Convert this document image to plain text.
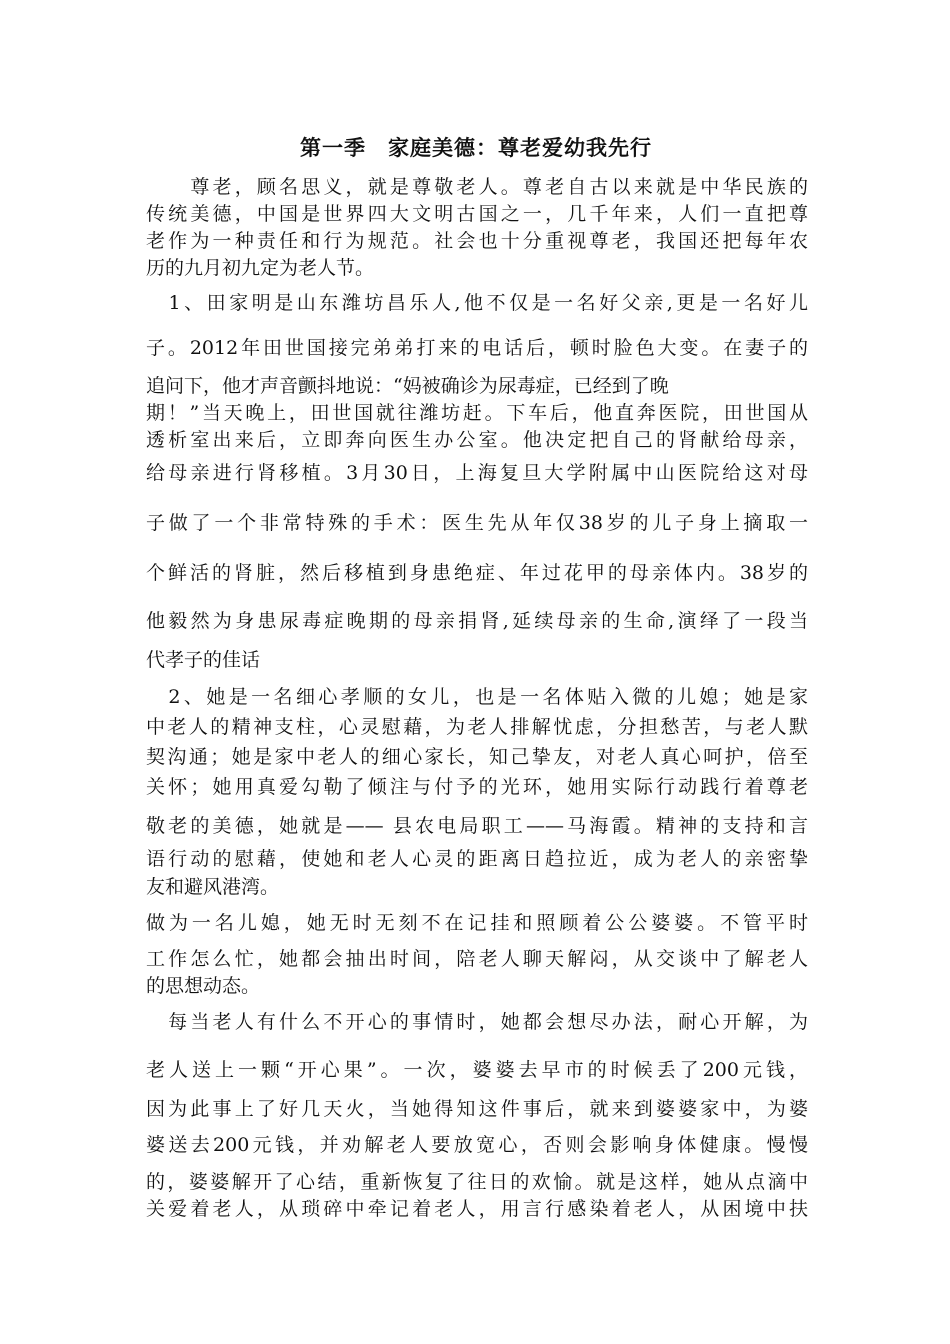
第一季　家庭美德：尊老爱幼我先行
　　尊老，顾名思义，就是尊敬老人。尊老自古以来就是中华民族的
传统美德，中国是世界四大文明古国之一，几千年来，人们一直把尊
老作为一种责任和行为规范。社会也十分重视尊老，我国还把每年农
历的九月初九定为老人节。
　1、田家明是山东潍坊昌乐人,他不仅是一名好父亲,更是一名好儿
子。2012年田世国接完弟弟打来的电话后，顿时脸色大变。在妻子的
追问下，他才声音颤抖地说：“妈被确诊为尿毒症，已经到了晚
期！”当天晚上，田世国就往潍坊赶。下车后，他直奔医院，田世国从
透析室出来后，立即奔向医生办公室。他决定把自己的肾献给母亲，
给母亲进行肾移植。3月30日，上海复旦大学附属中山医院给这对母
子做了一个非常特殊的手术：医生先从年仅38岁的儿子身上摘取一
个鲜活的肾脏，然后移植到身患绝症、年过花甲的母亲体内。38岁的
他毅然为身患尿毒症晚期的母亲捐肾,延续母亲的生命,演绎了一段当
代孝子的佳话
　2、她是一名细心孝顺的女儿，也是一名体贴入微的儿媳；她是家
中老人的精神支柱，心灵慰藉，为老人排解忧虑，分担愁苦，与老人默
契沟通；她是家中老人的细心家长，知己挚友，对老人真心呵护，倍至
关怀；她用真爱勾勒了倾注与付予的光环，她用实际行动践行着尊老
敬老的美德，她就是—— 县农电局职工——马海霞。精神的支持和言
语行动的慰藉，使她和老人心灵的距离日趋拉近，成为老人的亲密挚
友和避风港湾。
做为一名儿媳，她无时无刻不在记挂和照顾着公公婆婆。不管平时
工作怎么忙，她都会抽出时间，陪老人聊天解闷，从交谈中了解老人
的思想动态。
　每当老人有什么不开心的事情时，她都会想尽办法，耐心开解，为
老人送上一颗“开心果”。一次，婆婆去早市的时候丢了200元钱，
因为此事上了好几天火，当她得知这件事后，就来到婆婆家中，为婆
婆送去200元钱，并劝解老人要放宽心，否则会影响身体健康。慢慢
的，婆婆解开了心结，重新恢复了往日的欢愉。就是这样，她从点滴中
关爱着老人，从琐碎中牵记着老人，用言行感染着老人，从困境中扶
